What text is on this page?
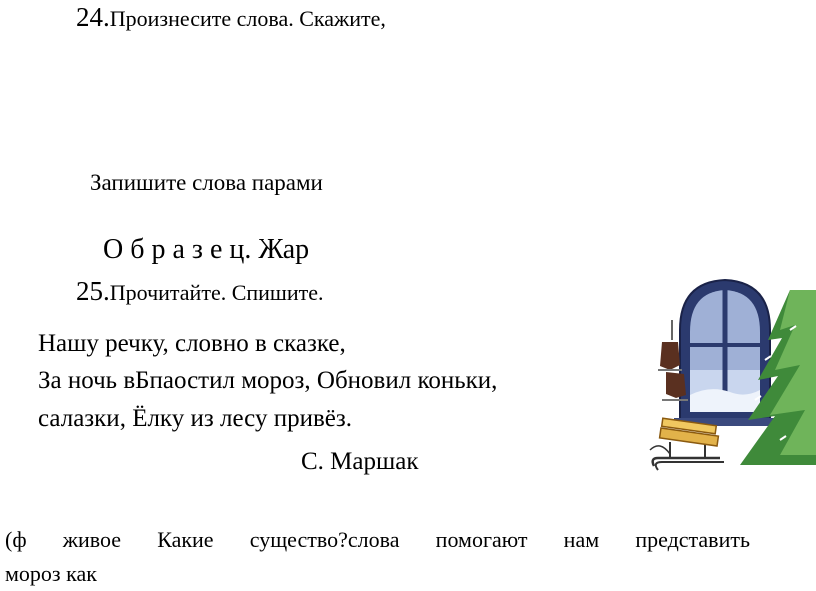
24.Произнесите слова. Скажите,
Запишите слова парами
О б р а з е ц. Жар
25.Прочитайте. Спишите.
Нашу речку, словно в сказке,
За ночь вБпаостил мороз, Обновил коньки,
салазки, Ёлку из лесу привёз.
С. Маршак
(ф живое Какие существо?слова помогают нам представить
мороз как
